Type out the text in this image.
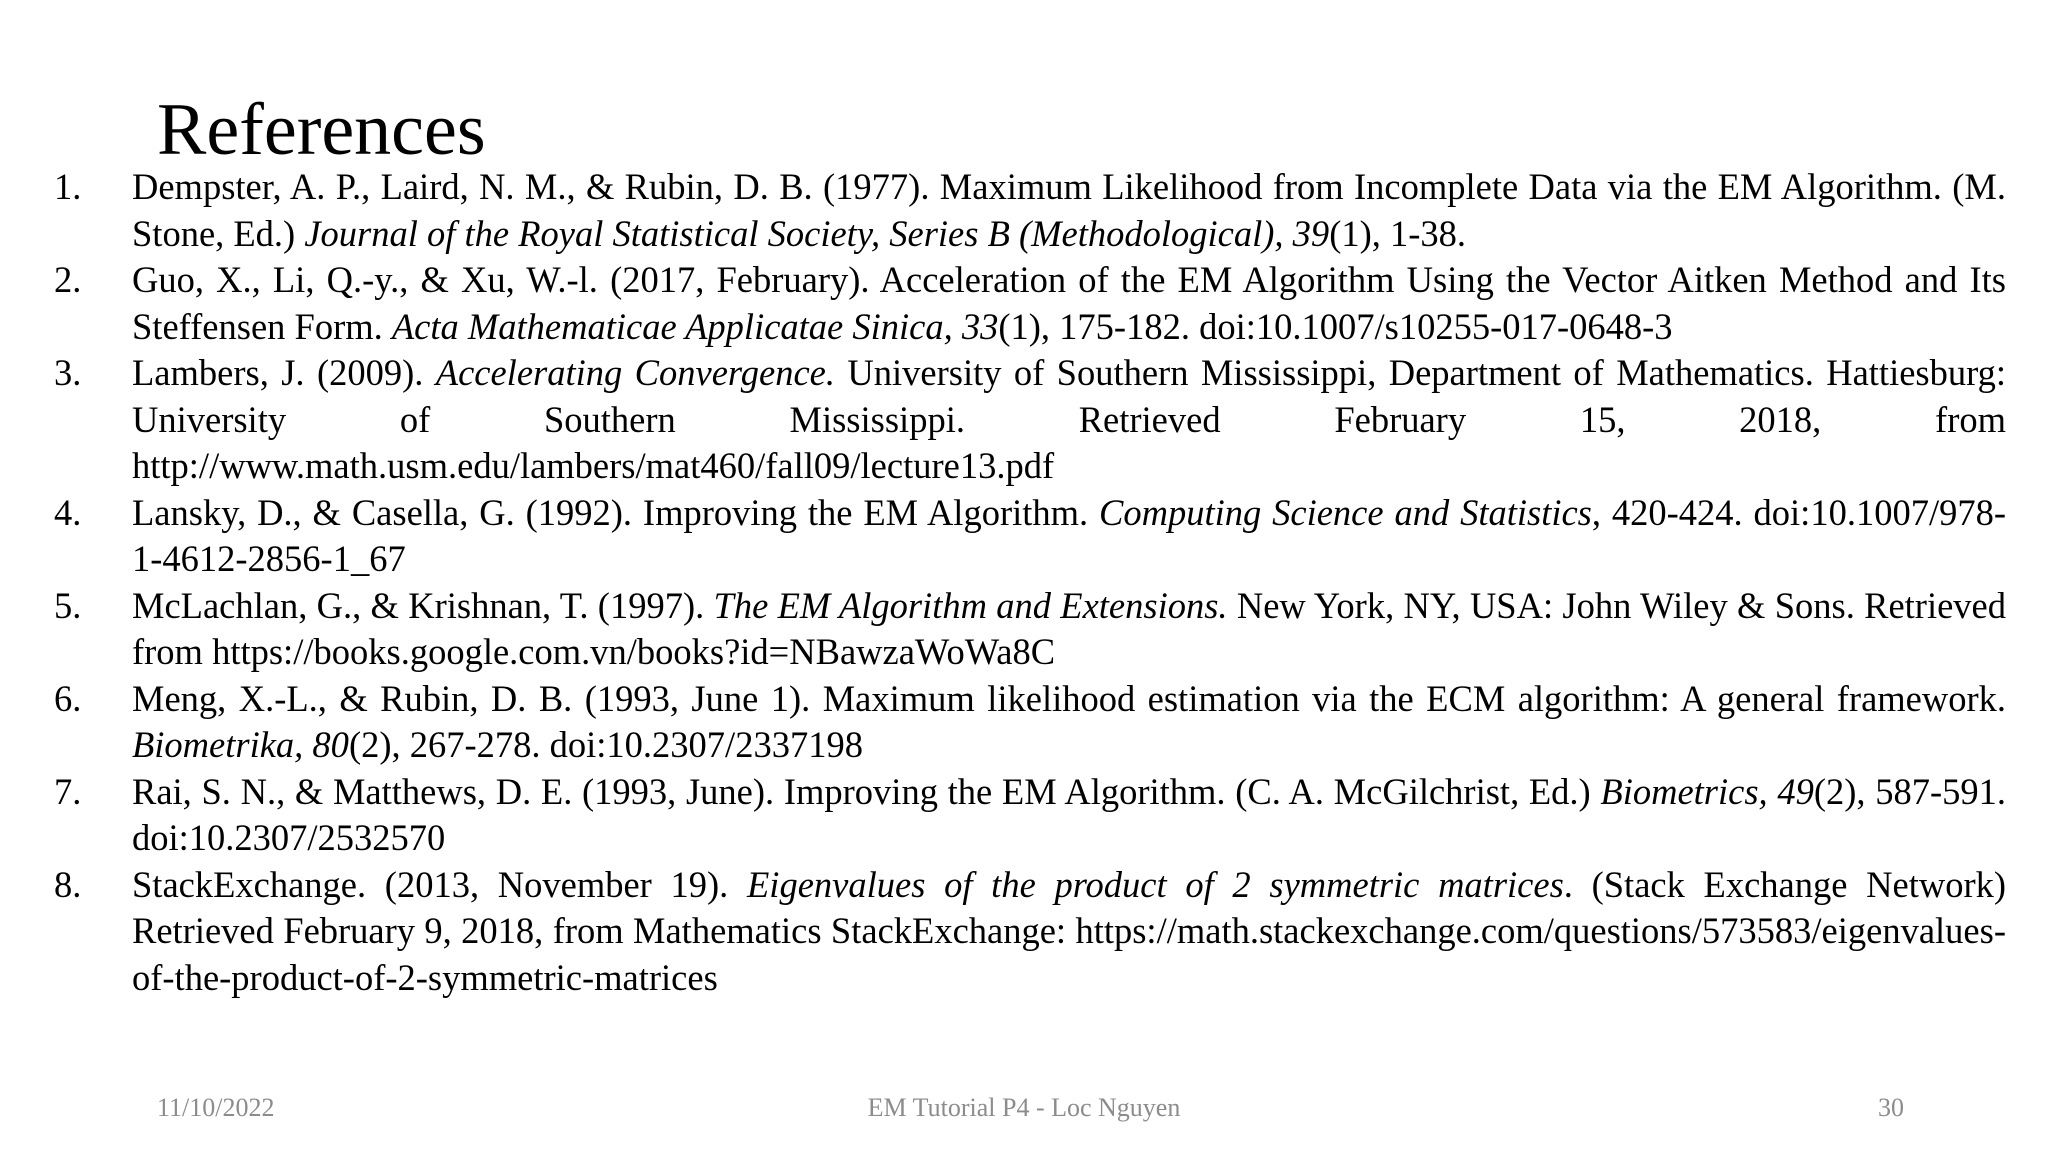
References
1. Dempster, A. P., Laird, N. M., & Rubin, D. B. (1977). Maximum Likelihood from Incomplete Data via the EM Algorithm. (M. Stone, Ed.) Journal of the Royal Statistical Society, Series B (Methodological), 39(1), 1-38.
2. Guo, X., Li, Q.-y., & Xu, W.-l. (2017, February). Acceleration of the EM Algorithm Using the Vector Aitken Method and Its Steffensen Form. Acta Mathematicae Applicatae Sinica, 33(1), 175-182. doi:10.1007/s10255-017-0648-3
3. Lambers, J. (2009). Accelerating Convergence. University of Southern Mississippi, Department of Mathematics. Hattiesburg: University of Southern Mississippi. Retrieved February 15, 2018, from http://www.math.usm.edu/lambers/mat460/fall09/lecture13.pdf
4. Lansky, D., & Casella, G. (1992). Improving the EM Algorithm. Computing Science and Statistics, 420-424. doi:10.1007/978-1-4612-2856-1_67
5. McLachlan, G., & Krishnan, T. (1997). The EM Algorithm and Extensions. New York, NY, USA: John Wiley & Sons. Retrieved from https://books.google.com.vn/books?id=NBawzaWoWa8C
6. Meng, X.-L., & Rubin, D. B. (1993, June 1). Maximum likelihood estimation via the ECM algorithm: A general framework. Biometrika, 80(2), 267-278. doi:10.2307/2337198
7. Rai, S. N., & Matthews, D. E. (1993, June). Improving the EM Algorithm. (C. A. McGilchrist, Ed.) Biometrics, 49(2), 587-591. doi:10.2307/2532570
8. StackExchange. (2013, November 19). Eigenvalues of the product of 2 symmetric matrices. (Stack Exchange Network) Retrieved February 9, 2018, from Mathematics StackExchange: https://math.stackexchange.com/questions/573583/eigenvalues-of-the-product-of-2-symmetric-matrices
11/10/2022	EM Tutorial P4 - Loc Nguyen	30
